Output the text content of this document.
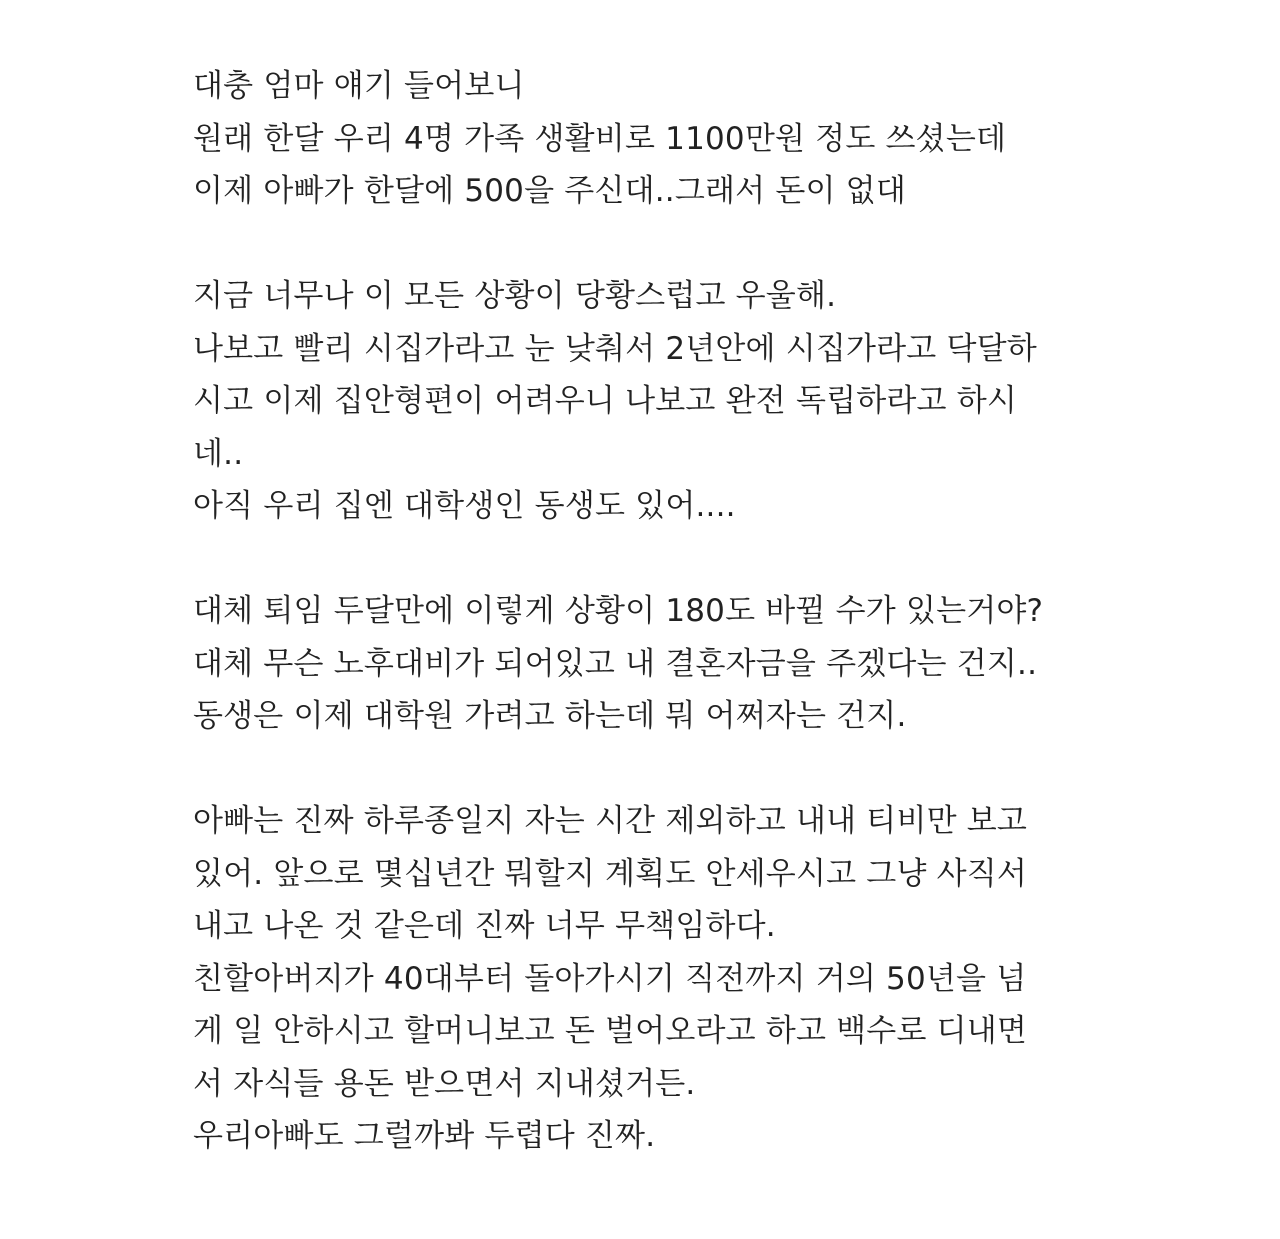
대충 엄마 얘기 들어보니
원래 한달 우리 4명 가족 생활비로 1100만원 정도 쓰셨는데
이제 아빠가 한달에 500을 주신대..그래서 돈이 없대
지금 너무나 이 모든 상황이 당황스럽고 우울해.
나보고 빨리 시집가라고 눈 낮춰서 2년안에 시집가라고 닥달하
시고 이제 집안형편이 어려우니 나보고 완전 독립하라고 하시
네..
아직 우리 집엔 대학생인 동생도 있어....
대체 퇴임 두달만에 이렇게 상황이 180도 바뀔 수가 있는거야?
대체 무슨 노후대비가 되어있고 내 결혼자금을 주겠다는 건지..
동생은 이제 대학원 가려고 하는데 뭐 어쩌자는 건지.
아빠는 진짜 하루종일지 자는 시간 제외하고 내내 티비만 보고
있어. 앞으로 몇십년간 뭐할지 계획도 안세우시고 그냥 사직서
내고 나온 것 같은데 진짜 너무 무책임하다.
친할아버지가 40대부터 돌아가시기 직전까지 거의 50년을 넘
게 일 안하시고 할머니보고 돈 벌어오라고 하고 백수로 디내면
서 자식들 용돈 받으면서 지내셨거든.
우리아빠도 그럴까봐 두렵다 진짜.
